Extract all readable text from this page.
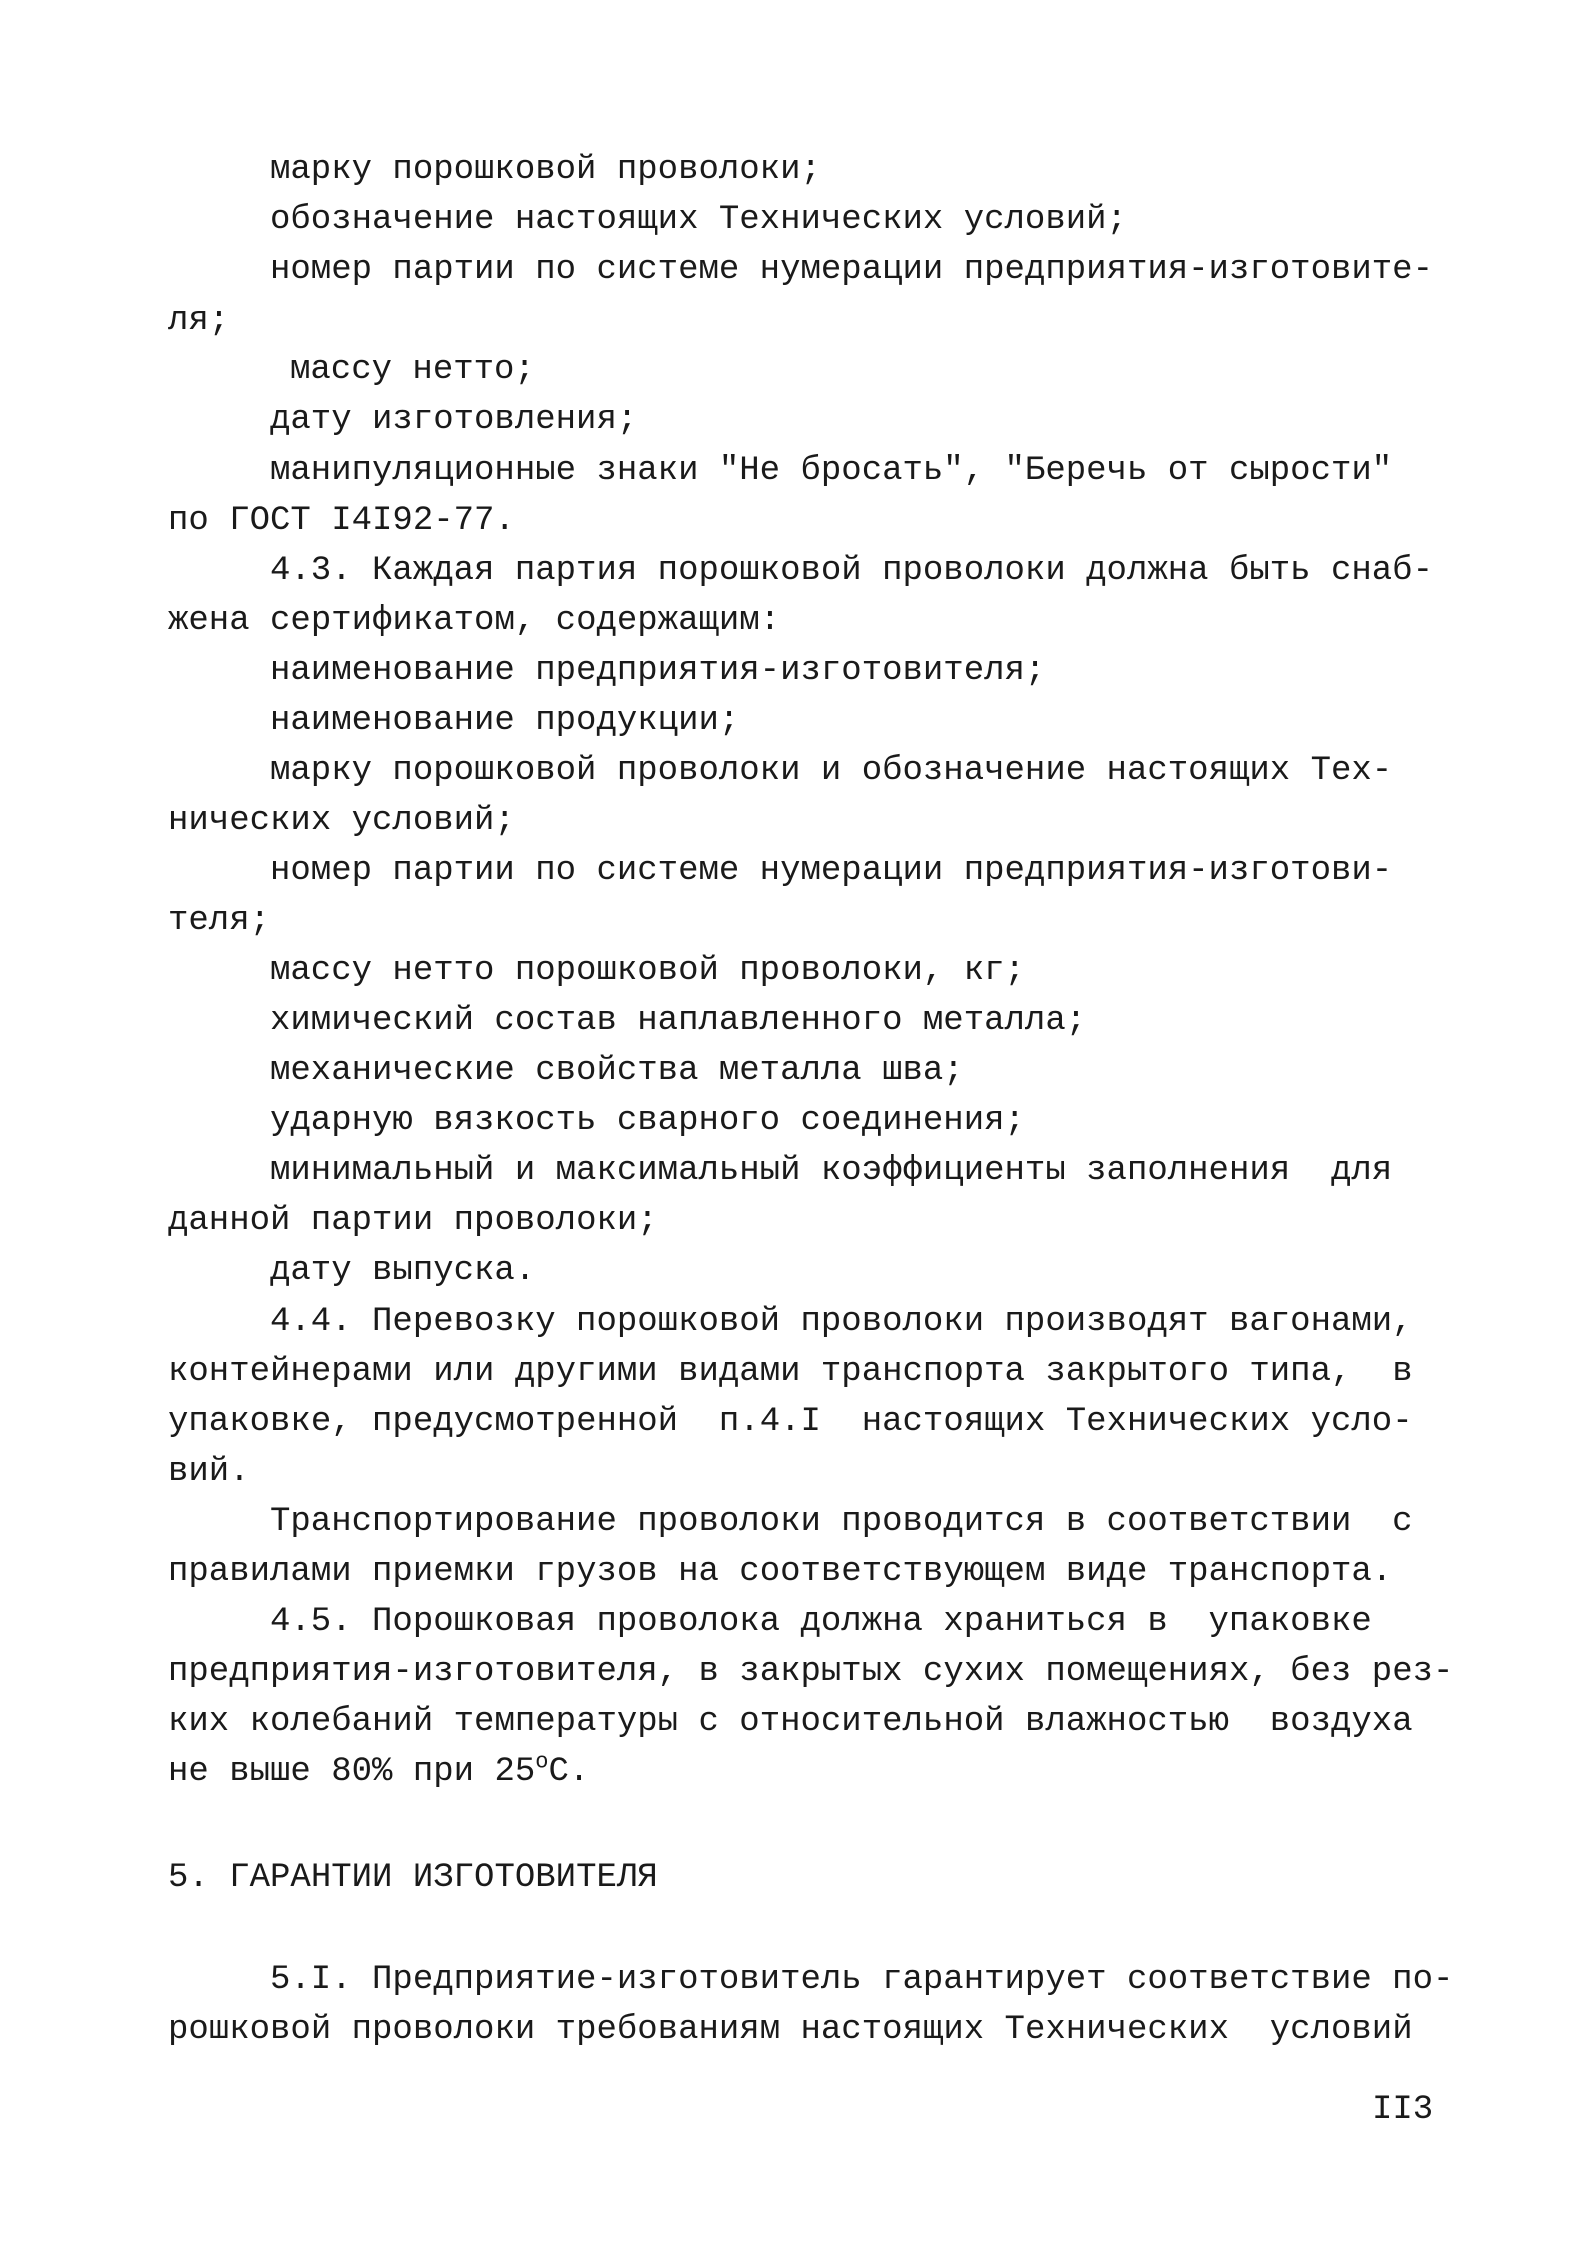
марку порошковой проволоки;
обозначение настоящих Технических условий;
номер партии по системе нумерации предприятия-изготовите-
ля;
массу нетто;
дату изготовления;
манипуляционные знаки "Не бросать", "Беречь от сырости"
по ГОСТ I4I92-77.
4.3. Каждая партия порошковой проволоки должна быть снаб-
жена сертификатом, содержащим:
наименование предприятия-изготовителя;
наименование продукции;
марку порошковой проволоки и обозначение настоящих Тех-
нических условий;
номер партии по системе нумерации предприятия-изготови-
теля;
массу нетто порошковой проволоки, кг;
химический состав наплавленного металла;
механические свойства металла шва;
ударную вязкость сварного соединения;
минимальный и максимальный коэффициенты заполнения  для
данной партии проволоки;
дату выпуска.
4.4. Перевозку порошковой проволоки производят вагонами,
контейнерами или другими видами транспорта закрытого типа,  в
упаковке, предусмотренной  п.4.I  настоящих Технических усло-
вий.
Транспортирование проволоки проводится в соответствии  с
правилами приемки грузов на соответствующем виде транспорта.
4.5. Порошковая проволока должна храниться в  упаковке
предприятия-изготовителя, в закрытых сухих помещениях, без рез-
ких колебаний температуры с относительной влажностью  воздуха
не выше 80% при $25^оС$.
5. ГАРАНТИИ ИЗГОТОВИТЕЛЯ
5.I. Предприятие-изготовитель гарантирует соответствие по-
рошковой проволоки требованиям настоящих Технических  условий
II3
